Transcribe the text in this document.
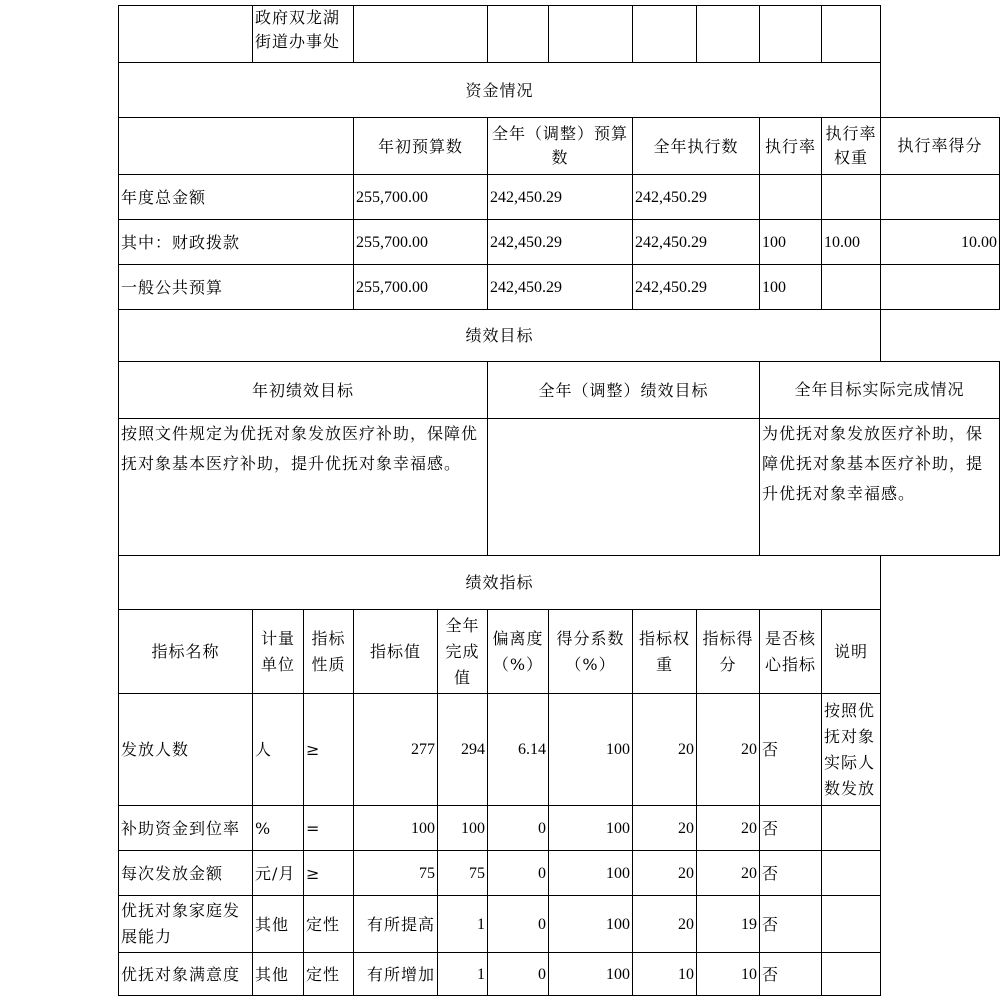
	政府双龙湖街道办事处										
资金情况											
			年初预算数		全年（调整）预算数		全年执行数		执行率	执行率权重	执行率得分
年度总金额			255,700.00		242,450.29		242,450.29				
其中：财政拨款			255,700.00		242,450.29		242,450.29		100	10.00	10.00
一般公共预算			255,700.00		242,450.29		242,450.29		100		
绩效目标											
年初绩效目标					全年（调整）绩效目标				全年目标实际完成情况		
按照文件规定为优抚对象发放医疗补助，保障优抚对象基本医疗补助，提升优抚对象幸福感。									为优抚对象发放医疗补助，保障优抚对象基本医疗补助，提升优抚对象幸福感。		
绩效指标											
指标名称	计量单位	指标性质	指标值	全年完成值	偏离度（%）	得分系数（%）	指标权重	指标得分	是否核心指标	说明	
发放人数	人	≥	277	294	6.14	100	20	20	否	按照优抚对象实际人数发放	
补助资金到位率	%	=	100	100	0	100	20	20	否		
每次发放金额	元/月	≥	75	75	0	100	20	20	否		
优抚对象家庭发展能力	其他	定性	有所提高	1	0	100	20	19	否		
优抚对象满意度	其他	定性	有所增加	1	0	100	10	10	否		
